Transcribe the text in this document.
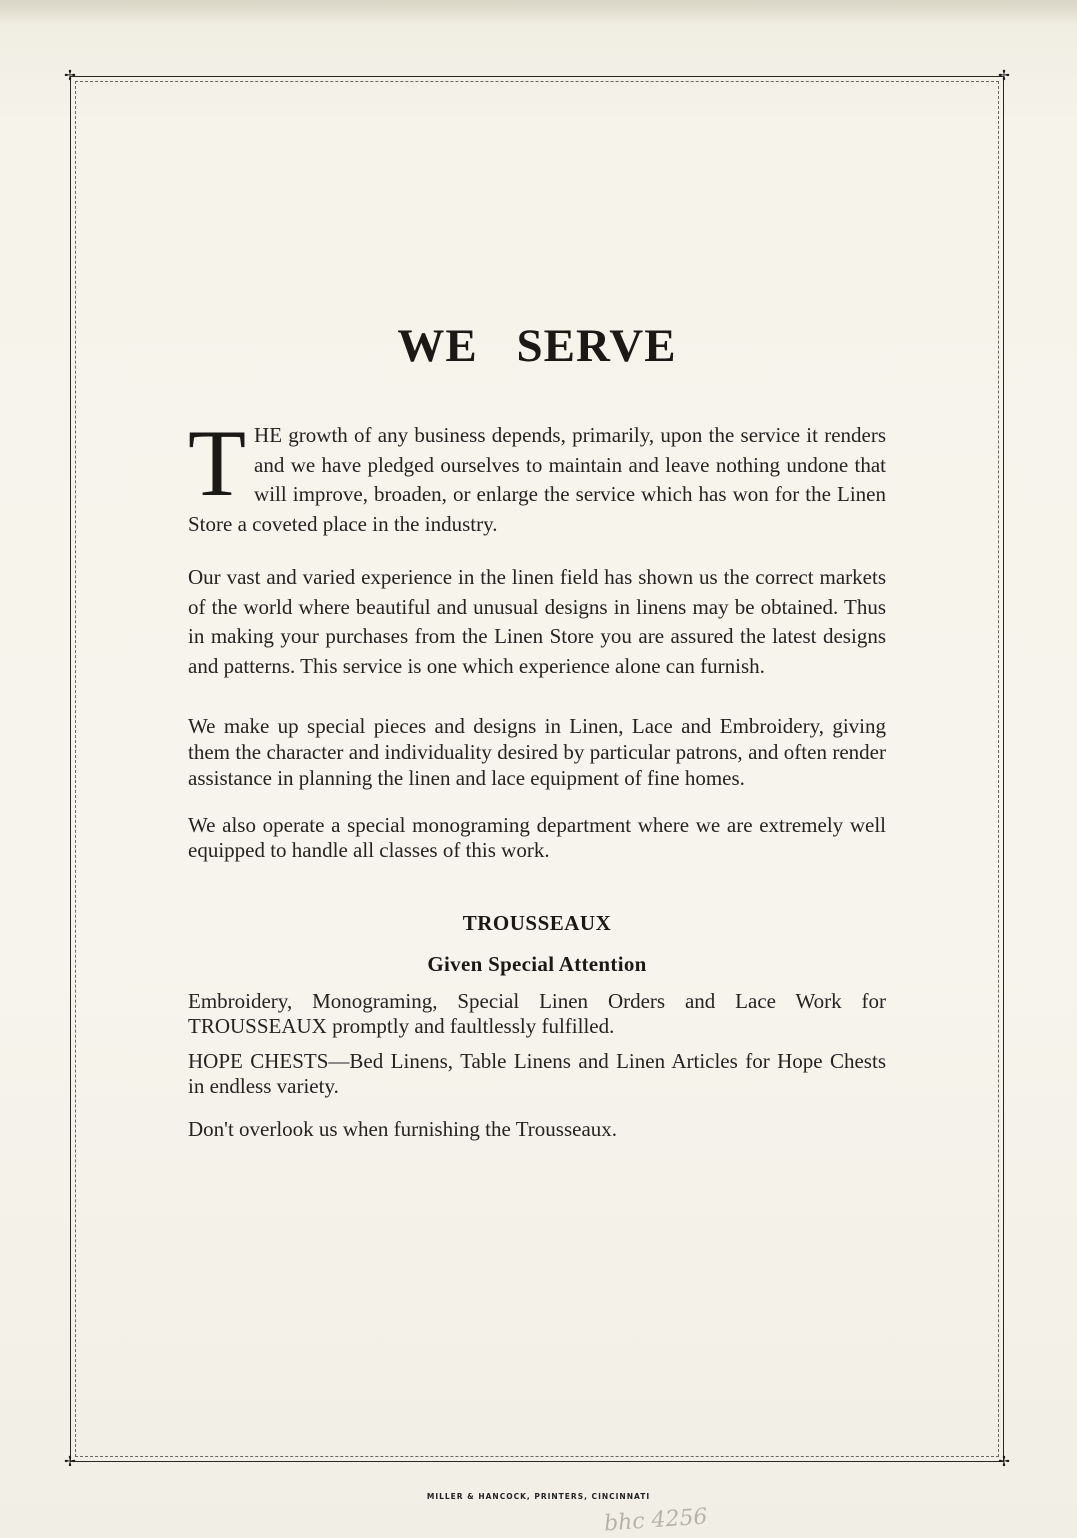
✢	✢
✢	✢
WE SERVE

THE growth of any business depends, primarily, upon the service it renders and we have pledged ourselves to maintain and leave nothing undone that will improve, broaden, or enlarge the service which has won for the Linen Store a coveted place in the industry.

Our vast and varied experience in the linen field has shown us the correct markets of the world where beautiful and unusual designs in linens may be obtained. Thus in making your purchases from the Linen Store you are assured the latest designs and patterns. This service is one which experience alone can furnish.

We make up special pieces and designs in Linen, Lace and Embroidery, giving them the character and individuality desired by particular patrons, and often render assistance in planning the linen and lace equipment of fine homes.

We also operate a special monograming department where we are extremely well equipped to handle all classes of this work.

TROUSSEAUX
Given Special Attention

Embroidery, Monograming, Special Linen Orders and Lace Work for TROUSSEAUX promptly and faultlessly fulfilled.

HOPE CHESTS—Bed Linens, Table Linens and Linen Articles for Hope Chests in endless variety.

Don't overlook us when furnishing the Trousseaux.

MILLER & HANCOCK, PRINTERS, CINCINNATI
bhc 4256
